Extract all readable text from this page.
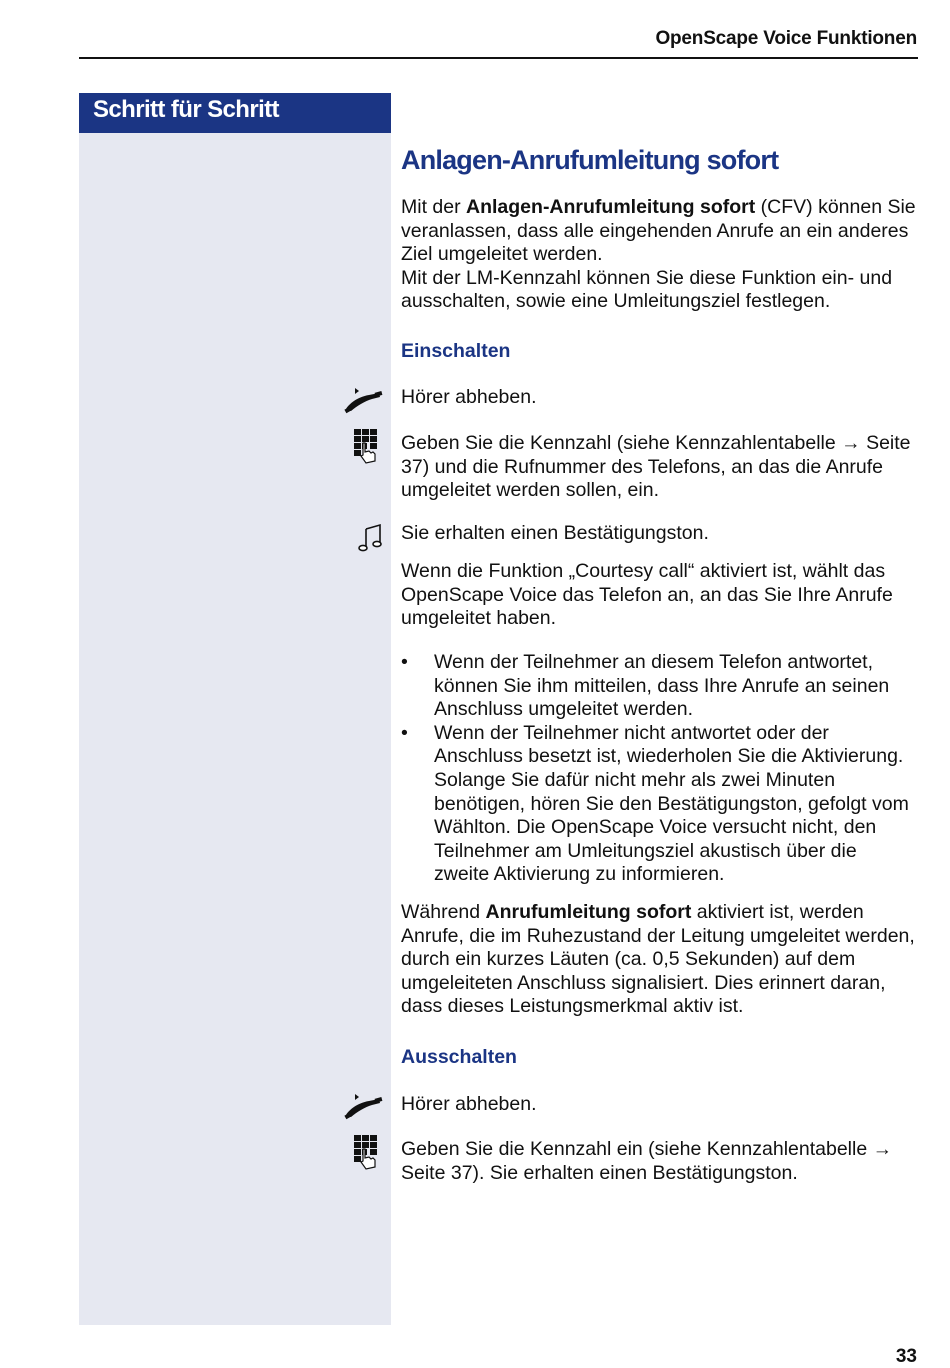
OpenScape Voice Funktionen
Schritt für Schritt
Anlagen-Anrufumleitung sofort

Mit der Anlagen-Anrufumleitung sofort (CFV) können Sie veranlassen, dass alle eingehenden Anrufe an ein anderes Ziel umgeleitet werden.

Mit der LM-Kennzahl können Sie diese Funktion ein- und ausschalten, sowie eine Umleitungsziel festlegen.

Einschalten
Hörer abheben.
Geben Sie die Kennzahl (siehe Kennzahlentabelle → Seite 37) und die Rufnummer des Telefons, an das die Anrufe umgeleitet werden sollen, ein.
Sie erhalten einen Bestätigungston.
Wenn die Funktion „Courtesy call“ aktiviert ist, wählt das OpenScape Voice das Telefon an, an das Sie Ihre Anrufe umgeleitet haben.
• Wenn der Teilnehmer an diesem Telefon antwortet, können Sie ihm mitteilen, dass Ihre Anrufe an seinen Anschluss umgeleitet werden.
• Wenn der Teilnehmer nicht antwortet oder der Anschluss besetzt ist, wiederholen Sie die Aktivierung. Solange Sie dafür nicht mehr als zwei Minuten benötigen, hören Sie den Bestätigungston, gefolgt vom Wählton. Die OpenScape Voice versucht nicht, den Teilnehmer am Umleitungsziel akustisch über die zweite Aktivierung zu informieren.

Während Anrufumleitung sofort aktiviert ist, werden Anrufe, die im Ruhezustand der Leitung umgeleitet werden, durch ein kurzes Läuten (ca. 0,5 Sekunden) auf dem umgeleiteten Anschluss signalisiert. Dies erinnert daran, dass dieses Leistungsmerkmal aktiv ist.

Ausschalten
Hörer abheben.
Geben Sie die Kennzahl ein (siehe Kennzahlentabelle → Seite 37). Sie erhalten einen Bestätigungston.
33
